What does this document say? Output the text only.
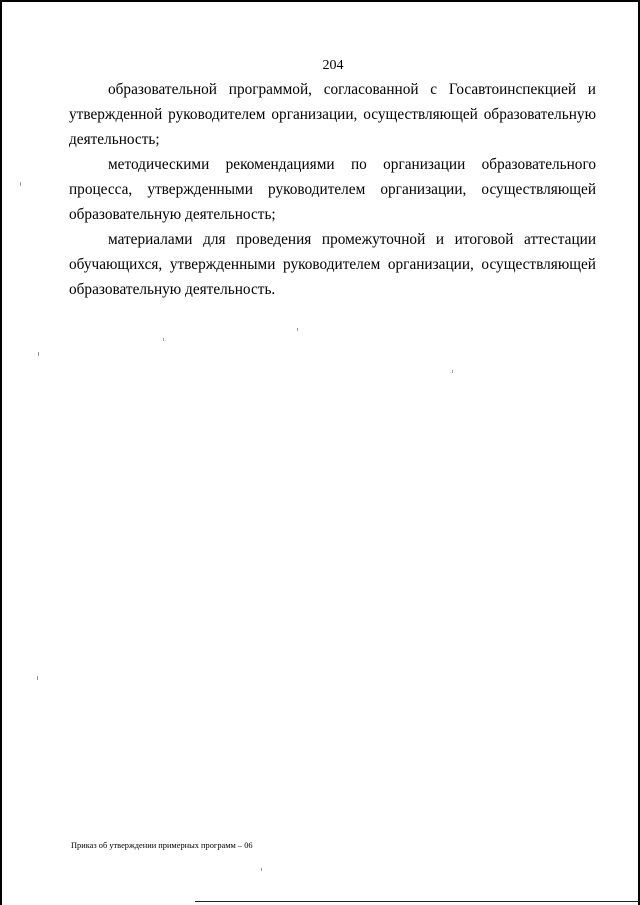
204

образовательной программой, согласованной с Госавтоинспекцией и утвержденной руководителем организации, осуществляющей образовательную деятельность;

методическими рекомендациями по организации образовательного процесса, утвержденными руководителем организации, осуществляющей образовательную деятельность;

материалами для проведения промежуточной и итоговой аттестации обучающихся, утвержденными руководителем организации, осуществляющей образовательную деятельность.

Приказ об утверждении примерных программ – 06
